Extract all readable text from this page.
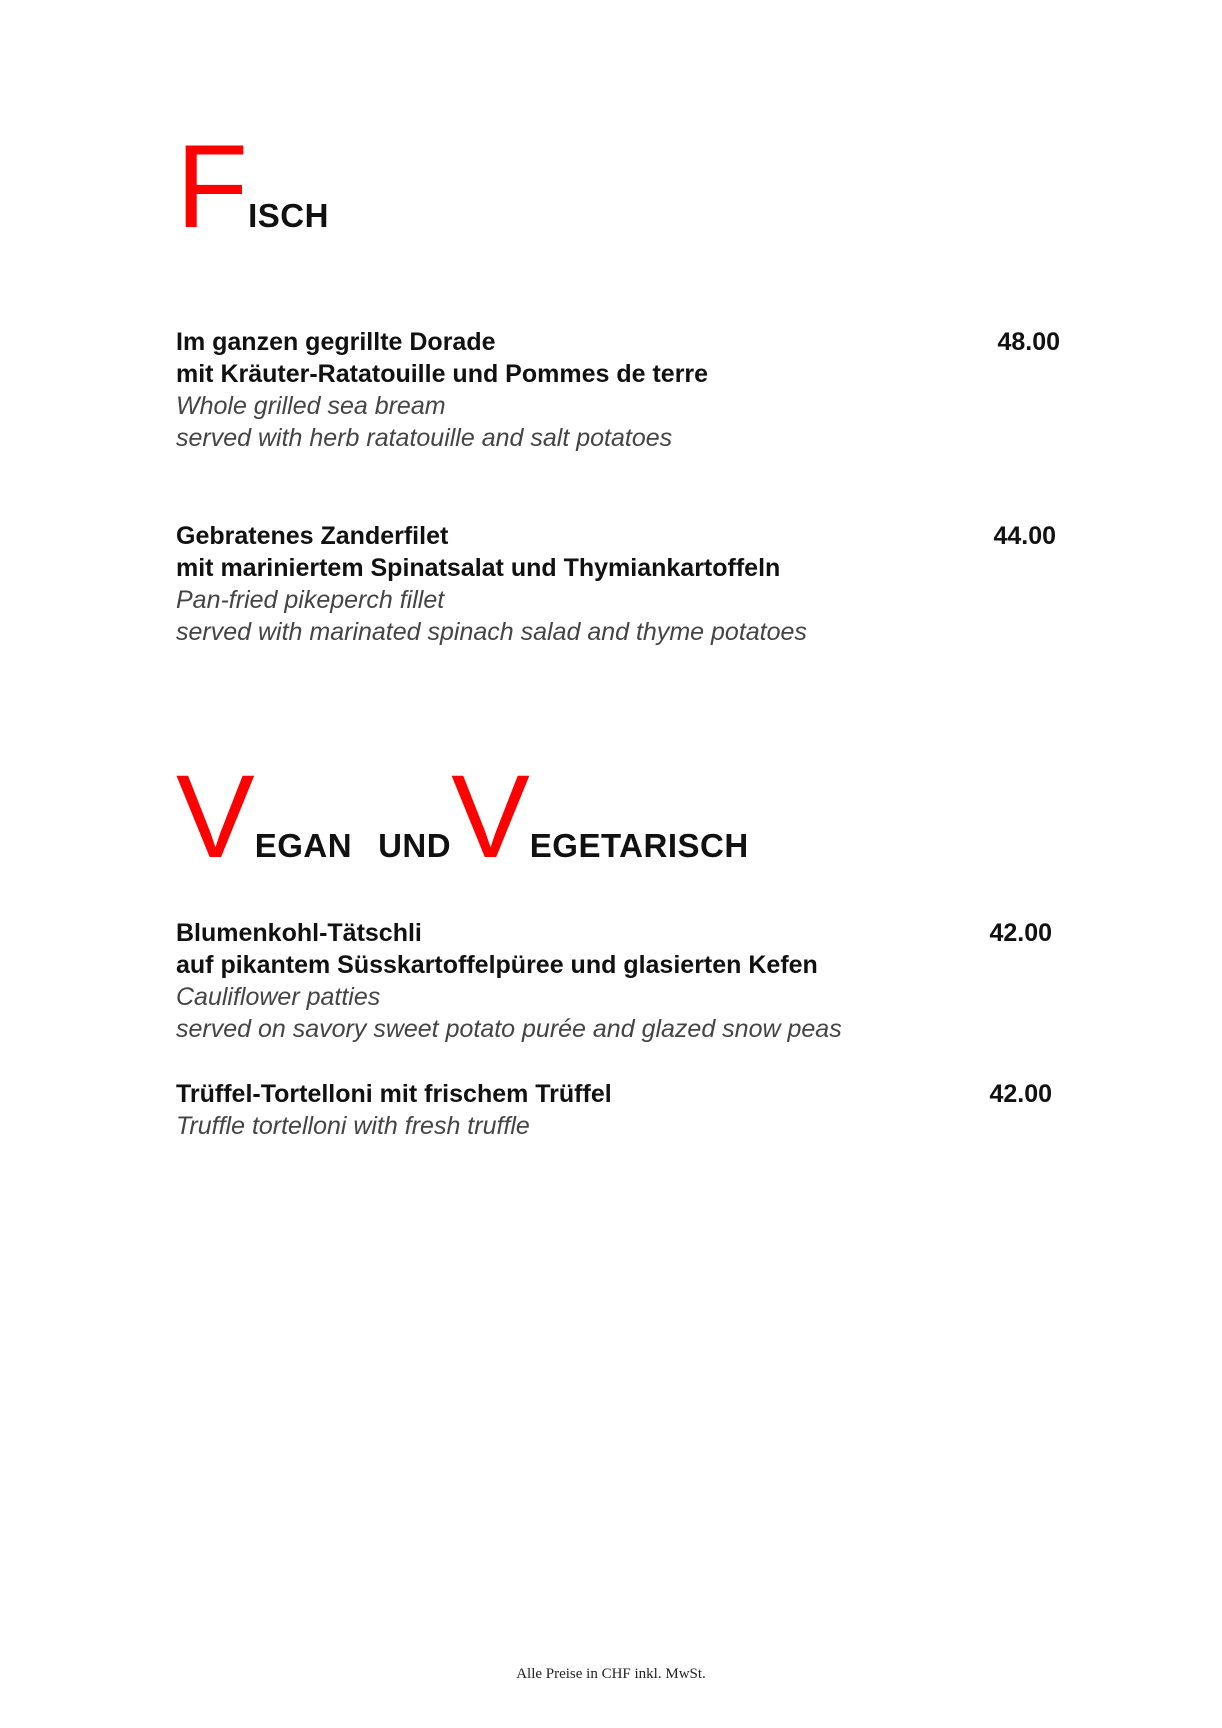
FISCH
Im ganzen gegrillte Dorade
mit Kräuter-Ratatouille und Pommes de terre
Whole grilled sea bream
served with herb ratatouille and salt potatoes
48.00
Gebratenes Zanderfilet
mit mariniertem Spinatsalat und Thymiankartoffeln
Pan-fried pikeperch fillet
served with marinated spinach salad and thyme potatoes
44.00
VEGAN UNDVEGETARISCH
Blumenkohl-Tätschli
auf pikantem Süsskartoffelpüree und glasierten Kefen
Cauliflower patties
served on savory sweet potato purée and glazed snow peas
42.00
Trüffel-Tortelloni mit frischem Trüffel
Truffle tortelloni with fresh truffle
42.00
Alle Preise in CHF inkl. MwSt.
